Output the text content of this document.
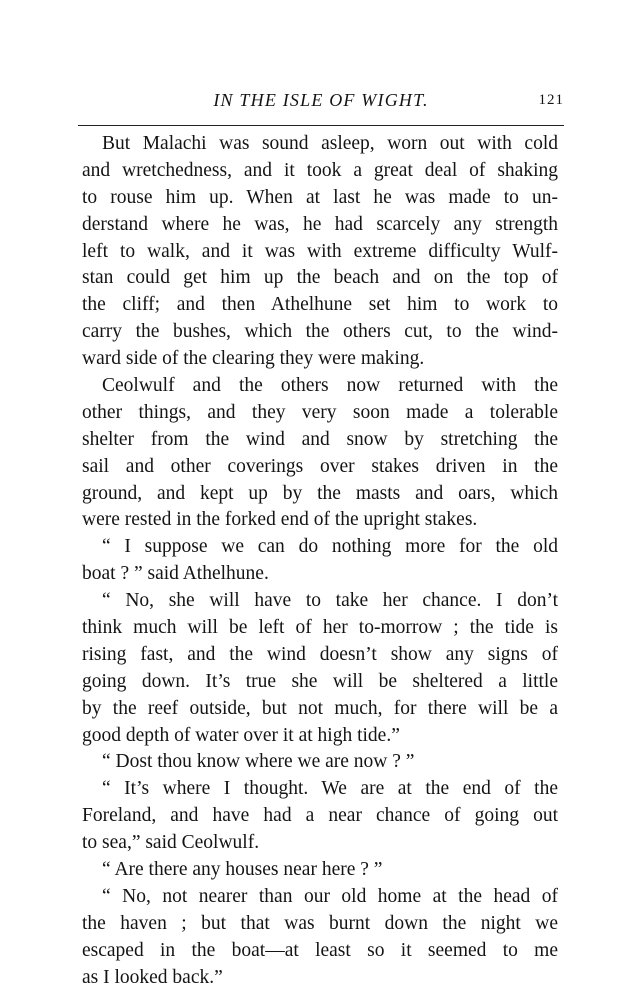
IN THE ISLE OF WIGHT.	121
But Malachi was sound asleep, worn out with cold
and wretchedness, and it took a great deal of shaking
to rouse him up. When at last he was made to un-
derstand where he was, he had scarcely any strength
left to walk, and it was with extreme difficulty Wulf-
stan could get him up the beach and on the top of
the cliff; and then Athelhune set him to work to
carry the bushes, which the others cut, to the wind-
ward side of the clearing they were making.
Ceolwulf and the others now returned with the
other things, and they very soon made a tolerable
shelter from the wind and snow by stretching the
sail and other coverings over stakes driven in the
ground, and kept up by the masts and oars, which
were rested in the forked end of the upright stakes.
“ I suppose we can do nothing more for the old
boat ? ” said Athelhune.
“ No, she will have to take her chance. I don’t
think much will be left of her to-morrow ; the tide is
rising fast, and the wind doesn’t show any signs of
going down. It’s true she will be sheltered a little
by the reef outside, but not much, for there will be a
good depth of water over it at high tide.”
“ Dost thou know where we are now ? ”
“ It’s where I thought. We are at the end of the
Foreland, and have had a near chance of going out
to sea,” said Ceolwulf.
“ Are there any houses near here ? ”
“ No, not nearer than our old home at the head of
the haven ; but that was burnt down the night we
escaped in the boat—at least so it seemed to me
as I looked back.”
